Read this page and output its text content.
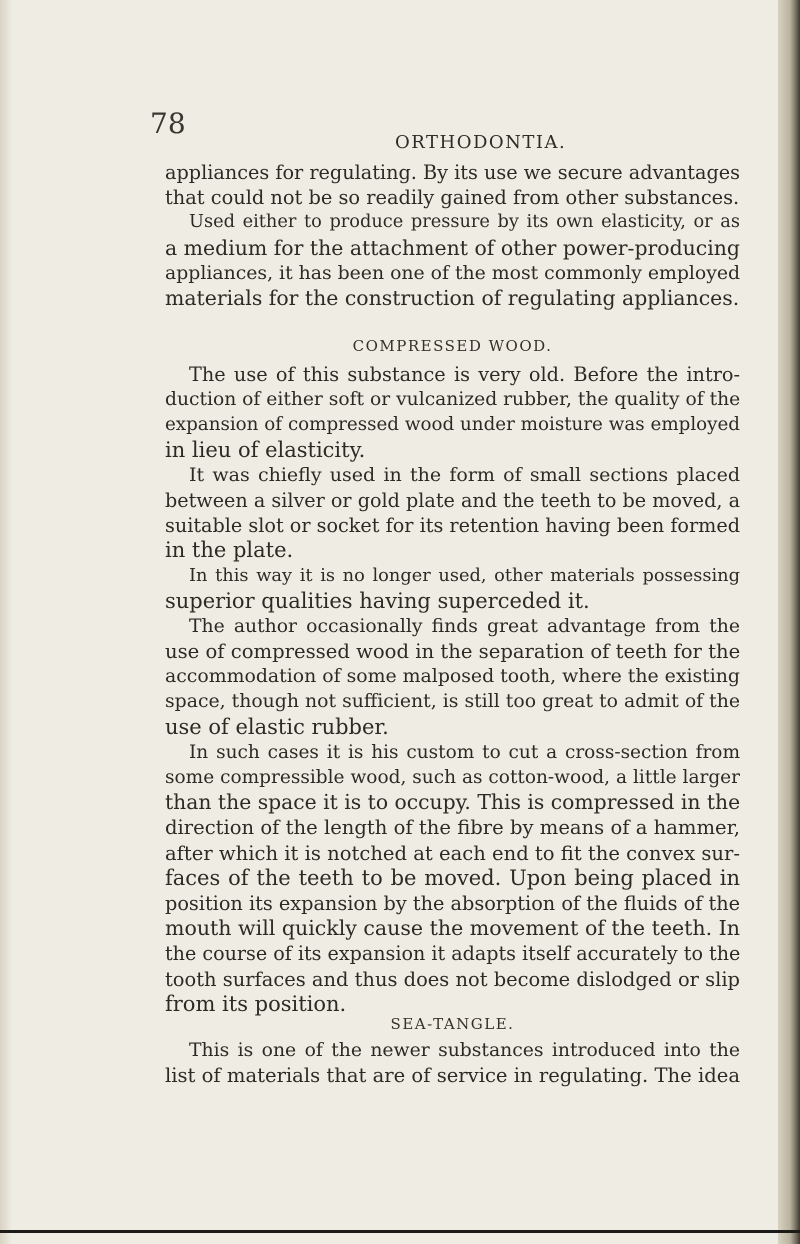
78
ORTHODONTIA.
appliances for regulating. By its use we secure advantages
that could not be so readily gained from other substances.
Used either to produce pressure by its own elasticity, or as
a medium for the attachment of other power-producing
appliances, it has been one of the most commonly employed
materials for the construction of regulating appliances.
COMPRESSED WOOD.
The use of this substance is very old. Before the intro-
duction of either soft or vulcanized rubber, the quality of the
expansion of compressed wood under moisture was employed
in lieu of elasticity.
It was chiefly used in the form of small sections placed
between a silver or gold plate and the teeth to be moved, a
suitable slot or socket for its retention having been formed
in the plate.
In this way it is no longer used, other materials possessing
superior qualities having superceded it.
The author occasionally finds great advantage from the
use of compressed wood in the separation of teeth for the
accommodation of some malposed tooth, where the existing
space, though not sufficient, is still too great to admit of the
use of elastic rubber.
In such cases it is his custom to cut a cross-section from
some compressible wood, such as cotton-wood, a little larger
than the space it is to occupy. This is compressed in the
direction of the length of the fibre by means of a hammer,
after which it is notched at each end to fit the convex sur-
faces of the teeth to be moved. Upon being placed in
position its expansion by the absorption of the fluids of the
mouth will quickly cause the movement of the teeth. In
the course of its expansion it adapts itself accurately to the
tooth surfaces and thus does not become dislodged or slip
from its position.
SEA-TANGLE.
This is one of the newer substances introduced into the
list of materials that are of service in regulating. The idea
